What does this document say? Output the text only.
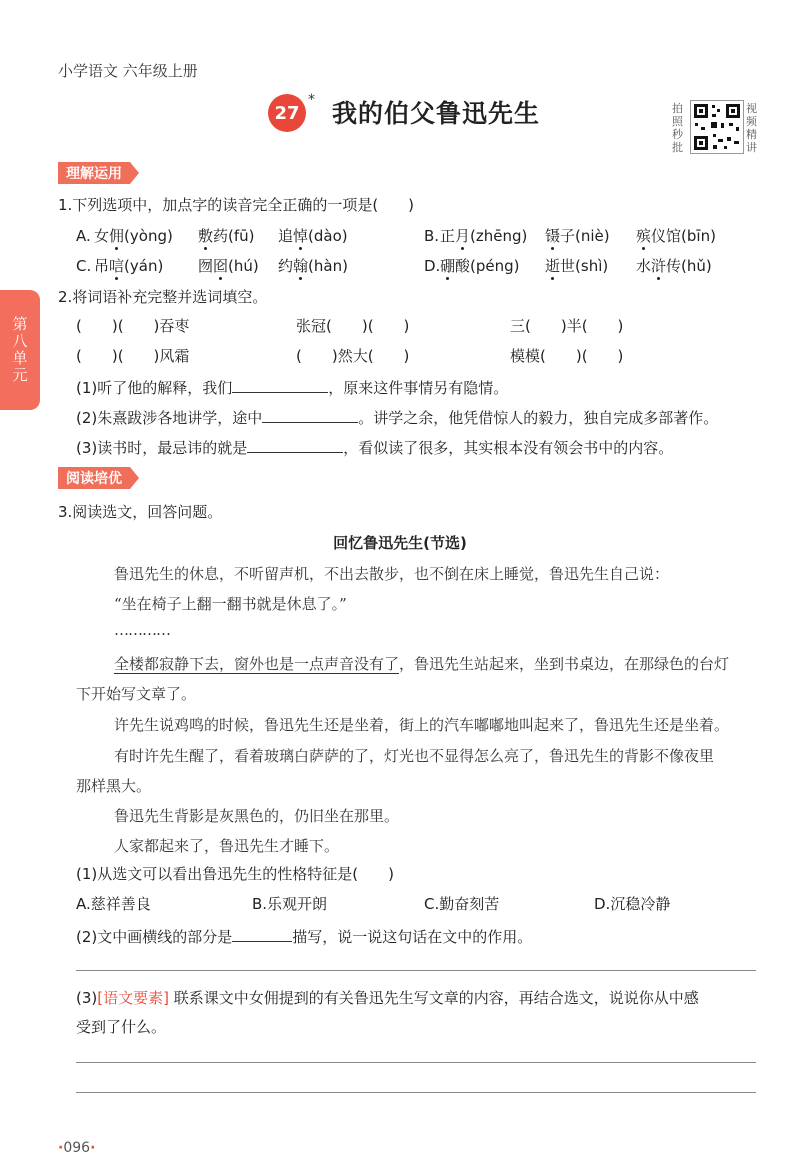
小学语文 六年级上册
27
* 我的伯父鲁迅先生	拍照秒批
视频精讲
第八单元
理解运用
1.下列选项中，加点字的读音完全正确的一项是(　　)
A. 女佣(yòng) 敷药(fū) 追悼(dào)	B. 正月(zhēng) 镊子(niè) 殡仪馆(bīn)
C. 吊唁(yán) 囫囵(hú) 约翰(hàn)	D. 硼酸(péng) 逝世(shì) 水浒传(hǔ)
2.将词语补充完整并选词填空。
(　　)(　　)吞枣	张冠(　　)(　　)	三(　　)半(　　)
(　　)(　　)风霜	(　　)然大(　　)	模模(　　)(　　)
(1)听了他的解释，我们	，原来这件事情另有隐情。
(2)朱熹跋涉各地讲学，途中	。讲学之余，他凭借惊人的毅力，独自完成多部著作。
(3)读书时，最忌讳的就是	，看似读了很多，其实根本没有领会书中的内容。
阅读培优
3.阅读选文，回答问题。
回忆鲁迅先生(节选)
鲁迅先生的休息，不听留声机，不出去散步，也不倒在床上睡觉，鲁迅先生自己说：
“坐在椅子上翻一翻书就是休息了。”
…………
全楼都寂静下去，窗外也是一点声音没有了，鲁迅先生站起来，坐到书桌边，在那绿色的台灯
下开始写文章了。
许先生说鸡鸣的时候，鲁迅先生还是坐着，街上的汽车嘟嘟地叫起来了，鲁迅先生还是坐着。
有时许先生醒了，看着玻璃白萨萨的了，灯光也不显得怎么亮了，鲁迅先生的背影不像夜里
那样黑大。
鲁迅先生背影是灰黑色的，仍旧坐在那里。
人家都起来了，鲁迅先生才睡下。
(1)从选文可以看出鲁迅先生的性格特征是(　　)
A.慈祥善良	B.乐观开朗	C.勤奋刻苦	D.沉稳冷静
(2)文中画横线的部分是	描写，说一说这句话在文中的作用。
(3)[语文要素] 联系课文中女佣提到的有关鲁迅先生写文章的内容，再结合选文，说说你从中感
受到了什么。
·096·
